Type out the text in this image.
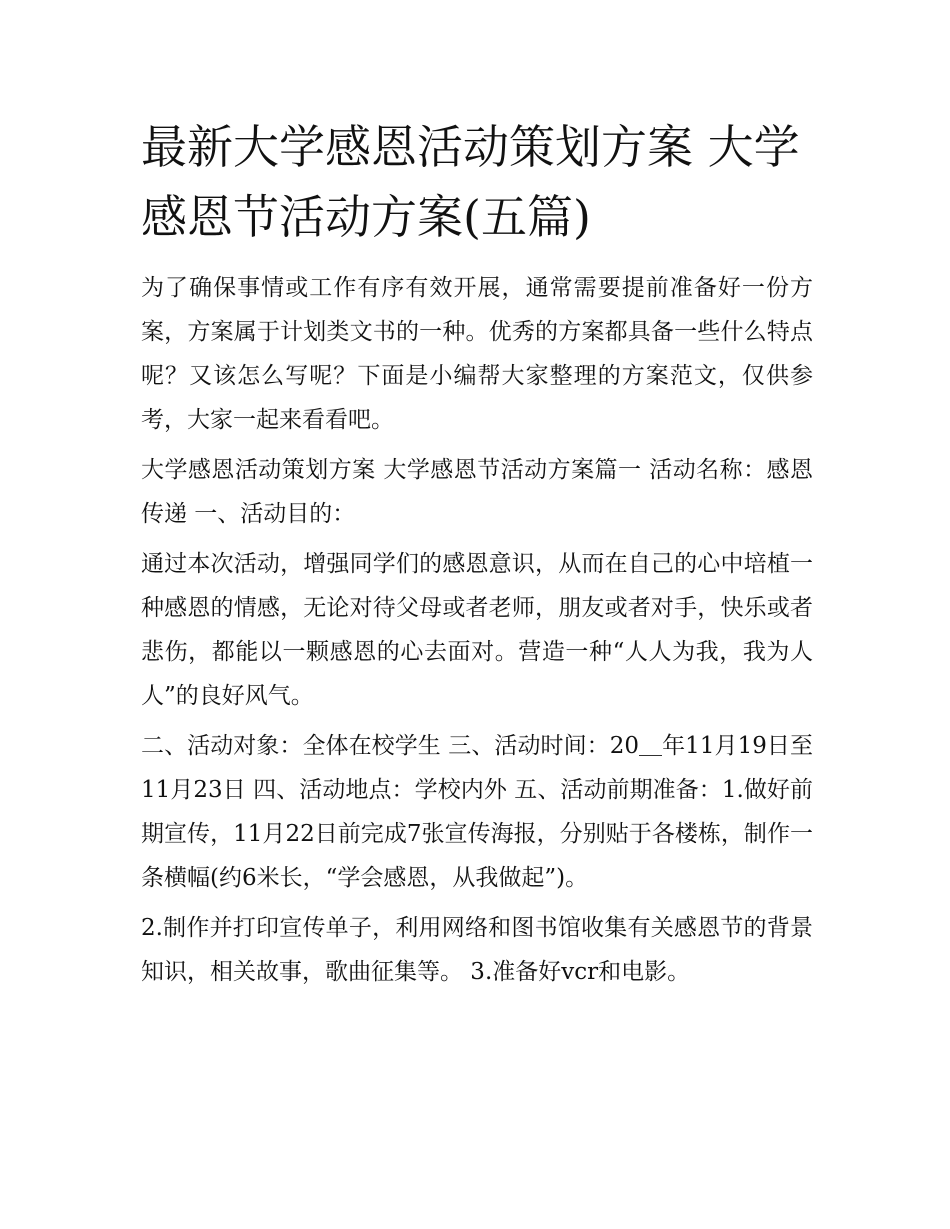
最新大学感恩活动策划方案 大学感恩节活动方案(五篇)

为了确保事情或工作有序有效开展，通常需要提前准备好一份方案，方案属于计划类文书的一种。优秀的方案都具备一些什么特点呢？又该怎么写呢？下面是小编帮大家整理的方案范文，仅供参考，大家一起来看看吧。

大学感恩活动策划方案 大学感恩节活动方案篇一 活动名称：感恩传递 一、活动目的：

通过本次活动，增强同学们的感恩意识，从而在自己的心中培植一种感恩的情感，无论对待父母或者老师，朋友或者对手，快乐或者悲伤，都能以一颗感恩的心去面对。营造一种“人人为我，我为人人”的良好风气。

二、活动对象：全体在校学生 三、活动时间：20＿年11月19日至11月23日 四、活动地点：学校内外 五、活动前期准备：1.做好前期宣传，11月22日前完成7张宣传海报，分别贴于各楼栋，制作一条横幅(约6米长，“学会感恩，从我做起”)。

2.制作并打印宣传单子，利用网络和图书馆收集有关感恩节的背景知识，相关故事，歌曲征集等。 3.准备好vcr和电影。
